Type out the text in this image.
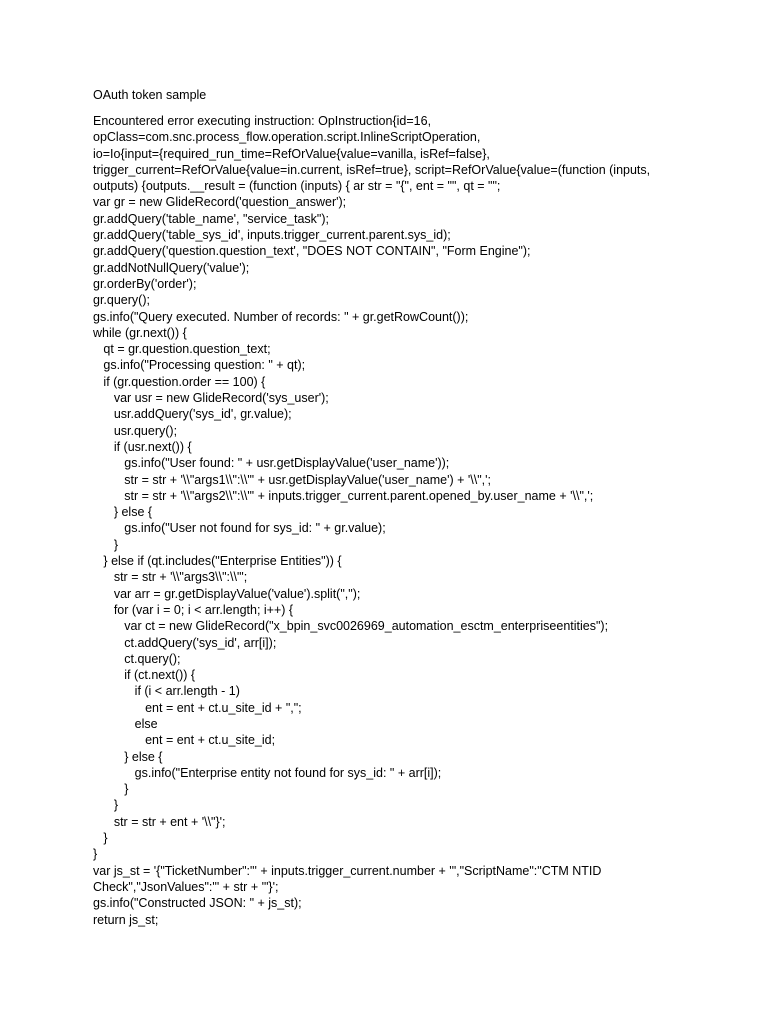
OAuth token sample
Encountered error executing instruction: OpInstruction{id=16,
opClass=com.snc.process_flow.operation.script.InlineScriptOperation,
io=Io{input={required_run_time=RefOrValue{value=vanilla, isRef=false},
trigger_current=RefOrValue{value=in.current, isRef=true}, script=RefOrValue{value=(function (inputs,
outputs) {outputs.__result = (function (inputs) { ar str = "{", ent = "", qt = "";
var gr = new GlideRecord('question_answer');
gr.addQuery('table_name', "service_task");
gr.addQuery('table_sys_id', inputs.trigger_current.parent.sys_id);
gr.addQuery('question.question_text', "DOES NOT CONTAIN", "Form Engine");
gr.addNotNullQuery('value');
gr.orderBy('order');
gr.query();
gs.info("Query executed. Number of records: " + gr.getRowCount());
while (gr.next()) {
qt = gr.question.question_text;
gs.info("Processing question: " + qt);
if (gr.question.order == 100) {
var usr = new GlideRecord('sys_user');
usr.addQuery('sys_id', gr.value);
usr.query();
if (usr.next()) {
gs.info("User found: " + usr.getDisplayValue('user_name'));
str = str + '\\"args1\\":\\"' + usr.getDisplayValue('user_name') + '\\",';
str = str + '\\"args2\\":\\"' + inputs.trigger_current.parent.opened_by.user_name + '\\",';
} else {
gs.info("User not found for sys_id: " + gr.value);
}
} else if (qt.includes("Enterprise Entities")) {
str = str + '\\"args3\\":\\"';
var arr = gr.getDisplayValue('value').split(",");
for (var i = 0; i < arr.length; i++) {
var ct = new GlideRecord("x_bpin_svc0026969_automation_esctm_enterpriseentities");
ct.addQuery('sys_id', arr[i]);
ct.query();
if (ct.next()) {
if (i < arr.length - 1)
ent = ent + ct.u_site_id + ",";
else
ent = ent + ct.u_site_id;
} else {
gs.info("Enterprise entity not found for sys_id: " + arr[i]);
}
}
str = str + ent + '\\"}';
}
}
var js_st = '{"TicketNumber":"' + inputs.trigger_current.number + '","ScriptName":"CTM NTID
Check","JsonValues":"' + str + '"}';
gs.info("Constructed JSON: " + js_st);
return js_st;
